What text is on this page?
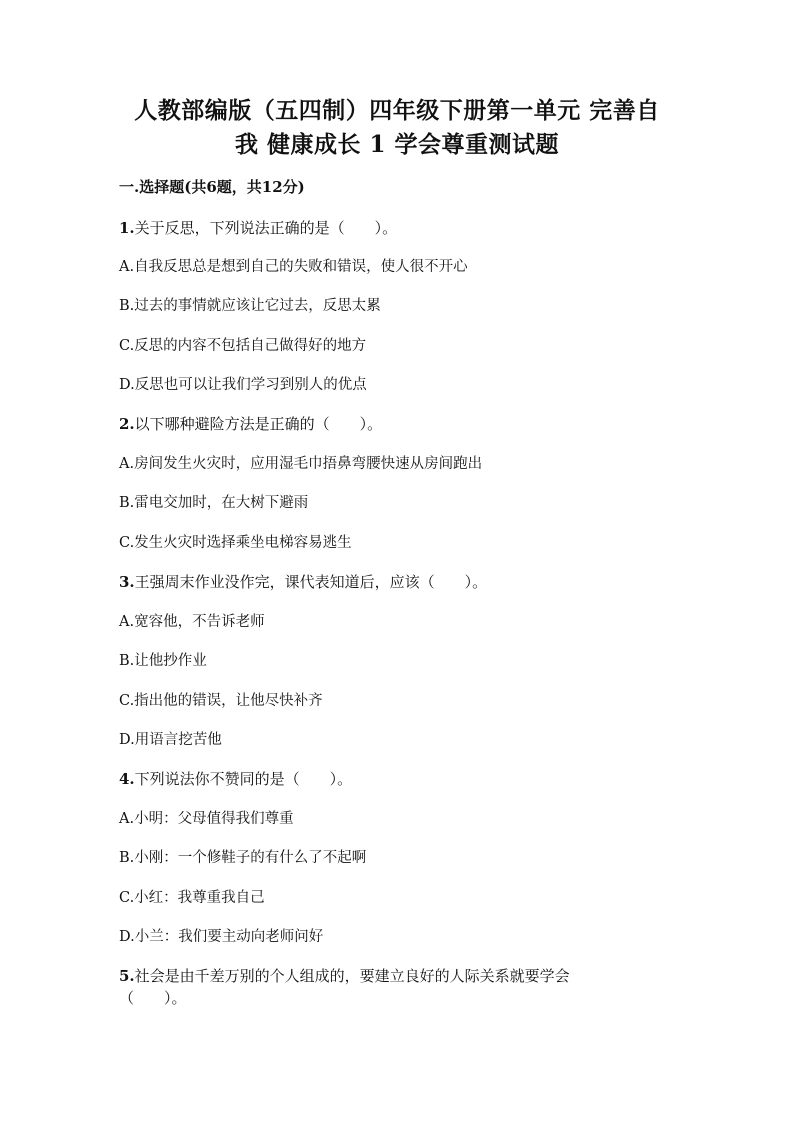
人教部编版（五四制）四年级下册第一单元 完善自
我 健康成长 1 学会尊重测试题
一.选择题(共6题，共12分)
1.关于反思，下列说法正确的是（　　）。
A.自我反思总是想到自己的失败和错误，使人很不开心
B.过去的事情就应该让它过去，反思太累
C.反思的内容不包括自己做得好的地方
D.反思也可以让我们学习到别人的优点
2.以下哪种避险方法是正确的（　　）。
A.房间发生火灾时，应用湿毛巾捂鼻弯腰快速从房间跑出
B.雷电交加时，在大树下避雨
C.发生火灾时选择乘坐电梯容易逃生
3.王强周末作业没作完，课代表知道后，应该（　　）。
A.宽容他，不告诉老师
B.让他抄作业
C.指出他的错误，让他尽快补齐
D.用语言挖苦他
4.下列说法你不赞同的是（　　）。
A.小明：父母值得我们尊重
B.小刚：一个修鞋子的有什么了不起啊
C.小红：我尊重我自己
D.小兰：我们要主动向老师问好
5.社会是由千差万别的个人组成的，要建立良好的人际关系就要学会
（　　）。
